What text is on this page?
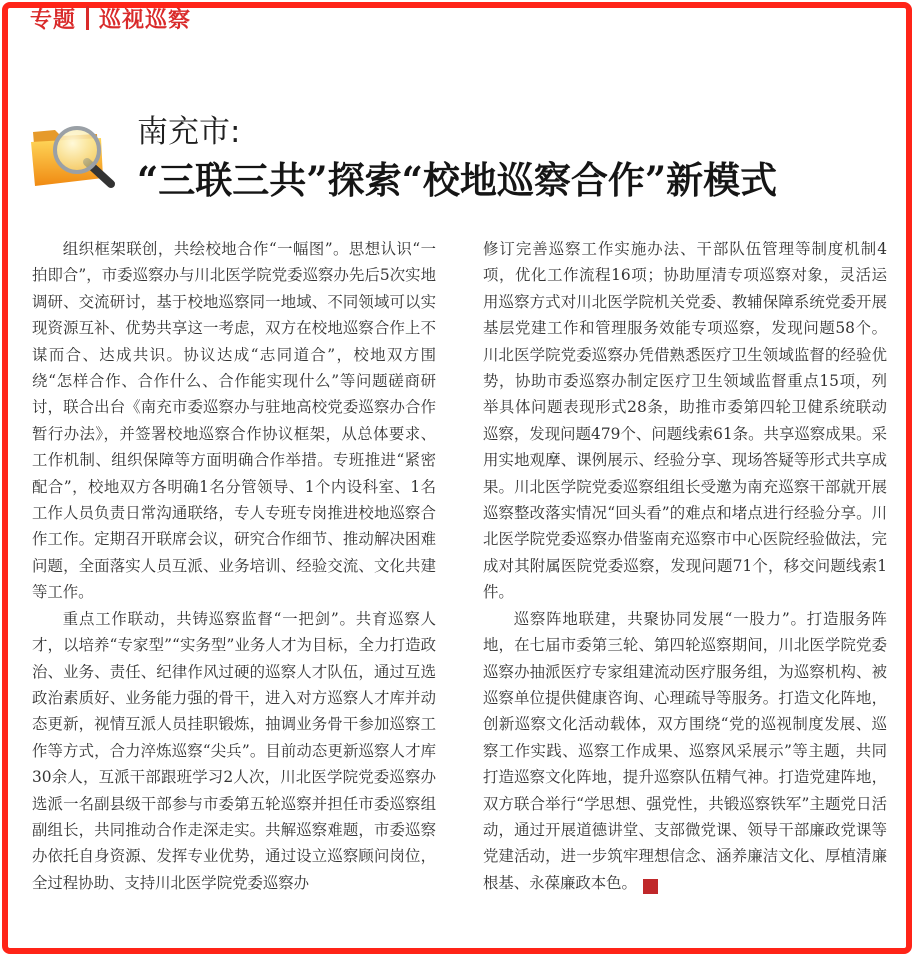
专题 巡视巡察
南充市:
“三联三共”探索“校地巡察合作”新模式

组织框架联创，共绘校地合作“一幅图”。思想认识“一拍即合”，市委巡察办与川北医学院党委巡察办先后5次实地调研、交流研讨，基于校地巡察同一地域、不同领域可以实现资源互补、优势共享这一考虑，双方在校地巡察合作上不谋而合、达成共识。协议达成“志同道合”，校地双方围绕“怎样合作、合作什么、合作能实现什么”等问题磋商研讨，联合出台《南充市委巡察办与驻地高校党委巡察办合作暂行办法》，并签署校地巡察合作协议框架，从总体要求、工作机制、组织保障等方面明确合作举措。专班推进“紧密配合”，校地双方各明确1名分管领导、1个内设科室、1名工作人员负责日常沟通联络，专人专班专岗推进校地巡察合作工作。定期召开联席会议，研究合作细节、推动解决困难问题，全面落实人员互派、业务培训、经验交流、文化共建等工作。

重点工作联动，共铸巡察监督“一把剑”。共育巡察人才，以培养“专家型”“实务型”业务人才为目标，全力打造政治、业务、责任、纪律作风过硬的巡察人才队伍，通过互选政治素质好、业务能力强的骨干，进入对方巡察人才库并动态更新，视情互派人员挂职锻炼，抽调业务骨干参加巡察工作等方式，合力淬炼巡察“尖兵”。目前动态更新巡察人才库30余人，互派干部跟班学习2人次，川北医学院党委巡察办选派一名副县级干部参与市委第五轮巡察并担任市委巡察组副组长，共同推动合作走深走实。共解巡察难题，市委巡察办依托自身资源、发挥专业优势，通过设立巡察顾问岗位，全过程协助、支持川北医学院党委巡察办

修订完善巡察工作实施办法、干部队伍管理等制度机制4项，优化工作流程16项；协助厘清专项巡察对象，灵活运用巡察方式对川北医学院机关党委、教辅保障系统党委开展基层党建工作和管理服务效能专项巡察，发现问题58个。川北医学院党委巡察办凭借熟悉医疗卫生领域监督的经验优势，协助市委巡察办制定医疗卫生领域监督重点15项，列举具体问题表现形式28条，助推市委第四轮卫健系统联动巡察，发现问题479个、问题线索61条。共享巡察成果。采用实地观摩、课例展示、经验分享、现场答疑等形式共享成果。川北医学院党委巡察组组长受邀为南充巡察干部就开展巡察整改落实情况“回头看”的难点和堵点进行经验分享。川北医学院党委巡察办借鉴南充巡察市中心医院经验做法，完成对其附属医院党委巡察，发现问题71个，移交问题线索1件。

巡察阵地联建，共聚协同发展“一股力”。打造服务阵地，在七届市委第三轮、第四轮巡察期间，川北医学院党委巡察办抽派医疗专家组建流动医疗服务组，为巡察机构、被巡察单位提供健康咨询、心理疏导等服务。打造文化阵地，创新巡察文化活动载体，双方围绕“党的巡视制度发展、巡察工作实践、巡察工作成果、巡察风采展示”等主题，共同打造巡察文化阵地，提升巡察队伍精气神。打造党建阵地，双方联合举行“学思想、强党性，共锻巡察铁军”主题党日活动，通过开展道德讲堂、支部微党课、领导干部廉政党课等党建活动，进一步筑牢理想信念、涵养廉洁文化、厚植清廉根基、永葆廉政本色。	廉
